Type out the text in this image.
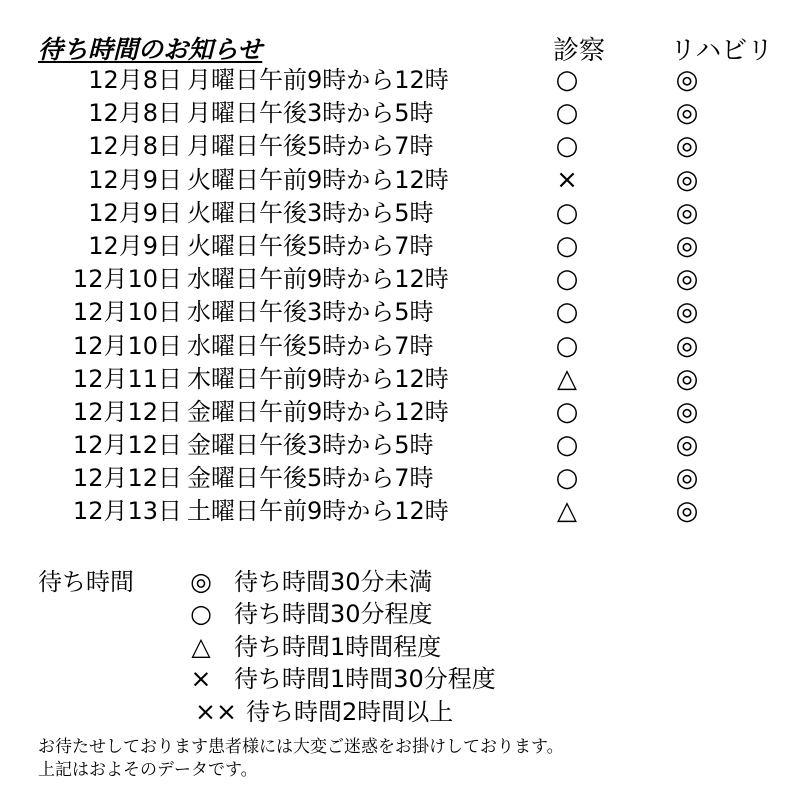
待ち時間のお知らせ	診察 リハビリ
12月8日 月曜日午前9時から12時	○	◎
12月8日 月曜日午後3時から5時	○	◎
12月8日 月曜日午後5時から7時	○	◎
12月9日 火曜日午前9時から12時	×	◎
12月9日 火曜日午後3時から5時	○	◎
12月9日 火曜日午後5時から7時	○	◎
12月10日 水曜日午前9時から12時	○	◎
12月10日 水曜日午後3時から5時	○	◎
12月10日 水曜日午後5時から7時	○	◎
12月11日 木曜日午前9時から12時	△	◎
12月12日 金曜日午前9時から12時	○	◎
12月12日 金曜日午後3時から5時	○	◎
12月12日 金曜日午後5時から7時	○	◎
12月13日 土曜日午前9時から12時	△	◎
待ち時間 ◎ 待ち時間30分未満
○ 待ち時間30分程度
△ 待ち時間1時間程度
× 待ち時間1時間30分程度
×× 待ち時間2時間以上
お待たせしております患者様には大変ご迷惑をお掛けしております。
上記はおよそのデータです。
